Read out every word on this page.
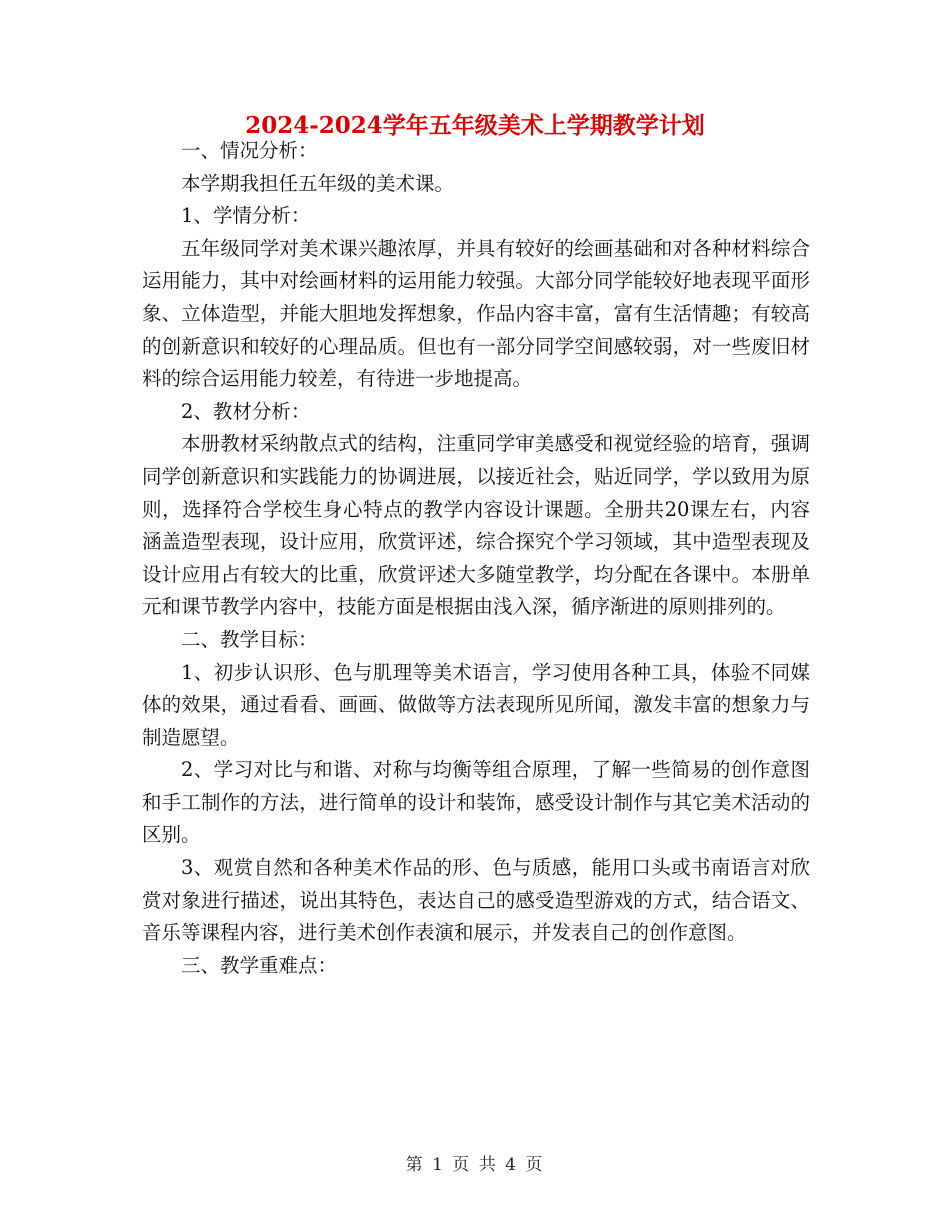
2024-2024学年五年级美术上学期教学计划

一、情况分析：

本学期我担任五年级的美术课。

1、学情分析：

五年级同学对美术课兴趣浓厚，并具有较好的绘画基础和对各种材料综合运用能力，其中对绘画材料的运用能力较强。大部分同学能较好地表现平面形象、立体造型，并能大胆地发挥想象，作品内容丰富，富有生活情趣；有较高的创新意识和较好的心理品质。但也有一部分同学空间感较弱，对一些废旧材料的综合运用能力较差，有待进一步地提高。

2、教材分析：

本册教材采纳散点式的结构，注重同学审美感受和视觉经验的培育，强调同学创新意识和实践能力的协调进展，以接近社会，贴近同学，学以致用为原则，选择符合学校生身心特点的教学内容设计课题。全册共20课左右，内容涵盖造型表现，设计应用，欣赏评述，综合探究个学习领域，其中造型表现及设计应用占有较大的比重，欣赏评述大多随堂教学，均分配在各课中。本册单元和课节教学内容中，技能方面是根据由浅入深，循序渐进的原则排列的。

二、教学目标：

1、初步认识形、色与肌理等美术语言，学习使用各种工具，体验不同媒体的效果，通过看看、画画、做做等方法表现所见所闻，激发丰富的想象力与制造愿望。

2、学习对比与和谐、对称与均衡等组合原理，了解一些简易的创作意图和手工制作的方法，进行简单的设计和装饰，感受设计制作与其它美术活动的区别。

3、观赏自然和各种美术作品的形、色与质感，能用口头或书南语言对欣赏对象进行描述，说出其特色，表达自己的感受造型游戏的方式，结合语文、音乐等课程内容，进行美术创作表演和展示，并发表自己的创作意图。

三、教学重难点：

第 1 页 共 4 页
